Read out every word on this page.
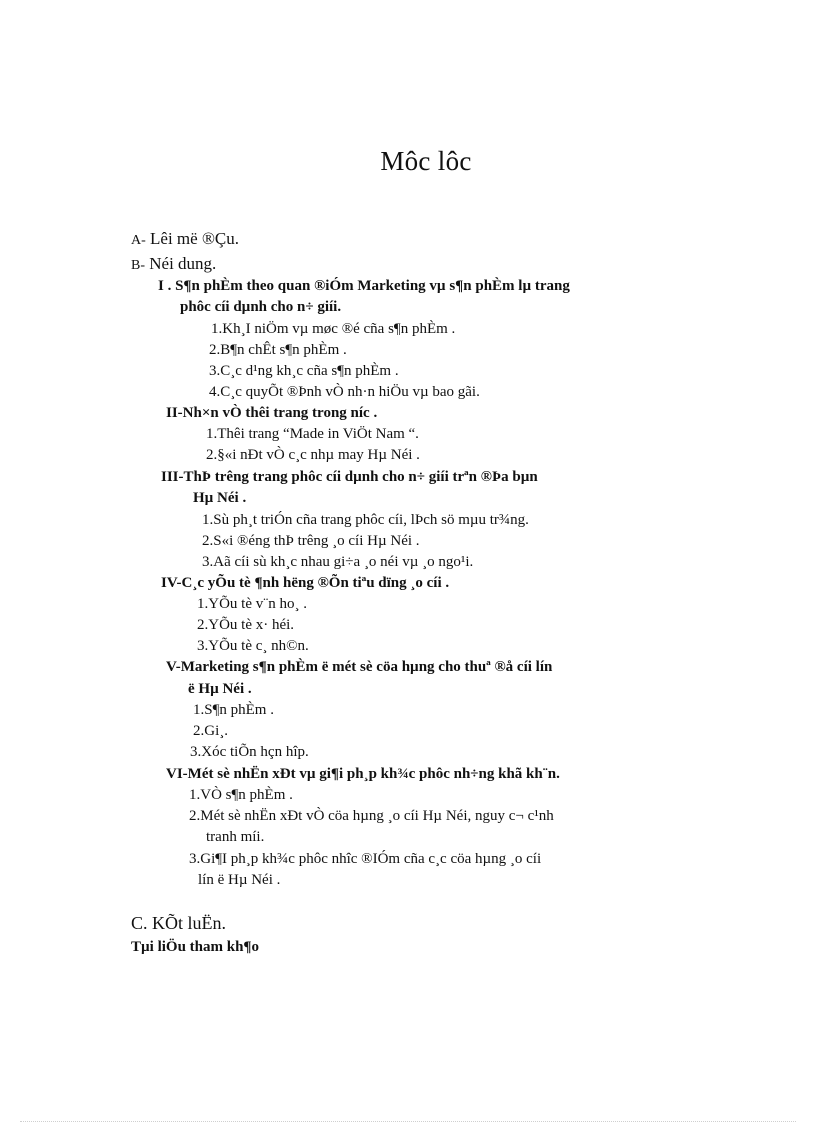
Môc lôc
A- Lêi më ®Çu.
B- Néi dung.
I . S¶n phÈm theo quan ®iÓm Marketing vµ s¶n phÈm lµ trang
phôc cíi dµnh cho n÷ giíi.
1.Kh¸I niÖm vµ møc ®é cña s¶n phÈm .
2.B¶n chÊt s¶n phÈm .
3.C¸c d¹ng kh¸c cña s¶n phÈm .
4.C¸c quyÕt ®Þnh vÒ nh·n hiÖu vµ bao gãi.
II-Nh×n vÒ thêi trang trong níc .
1.Thêi trang “Made in ViÖt Nam “.
2.§«i nÐt vÒ c¸c nhµ may Hµ Néi .
III-ThÞ trêng trang phôc cíi dµnh cho n÷ giíi trªn ®Þa bµn
Hµ Néi .
1.Sù ph¸t triÓn cña trang phôc cíi, lÞch sö mµu tr¾ng.
2.S«i ®éng thÞ trêng ¸o cíi Hµ Néi .
3.Aã cíi sù kh¸c nhau gi÷a ¸o néi vµ ¸o ngo¹i.
IV-C¸c yÕu tè ¶nh hëng ®Õn tiªu dïng ¸o cíi .
1.YÕu tè v¨n ho¸ .
2.YÕu tè x· héi.
3.YÕu tè c¸ nh©n.
V-Marketing s¶n phÈm ë mét sè cöa hµng cho thuª ®å cíi lín
ë Hµ Néi .
1.S¶n phÈm .
2.Gi¸.
3.Xóc tiÕn hçn hîp.
VI-Mét sè nhËn xÐt vµ gi¶i ph¸p kh¾c phôc nh÷ng khã kh¨n.
1.VÒ s¶n phÈm .
2.Mét sè nhËn xÐt vÒ cöa hµng ¸o cíi Hµ Néi, nguy c¬ c¹nh
tranh míi.
3.Gi¶I ph¸p kh¾c phôc nhîc ®IÓm cña c¸c cöa hµng ¸o cíi
lín ë Hµ Néi .
C. KÕt luËn.
Tµi liÖu tham kh¶o
